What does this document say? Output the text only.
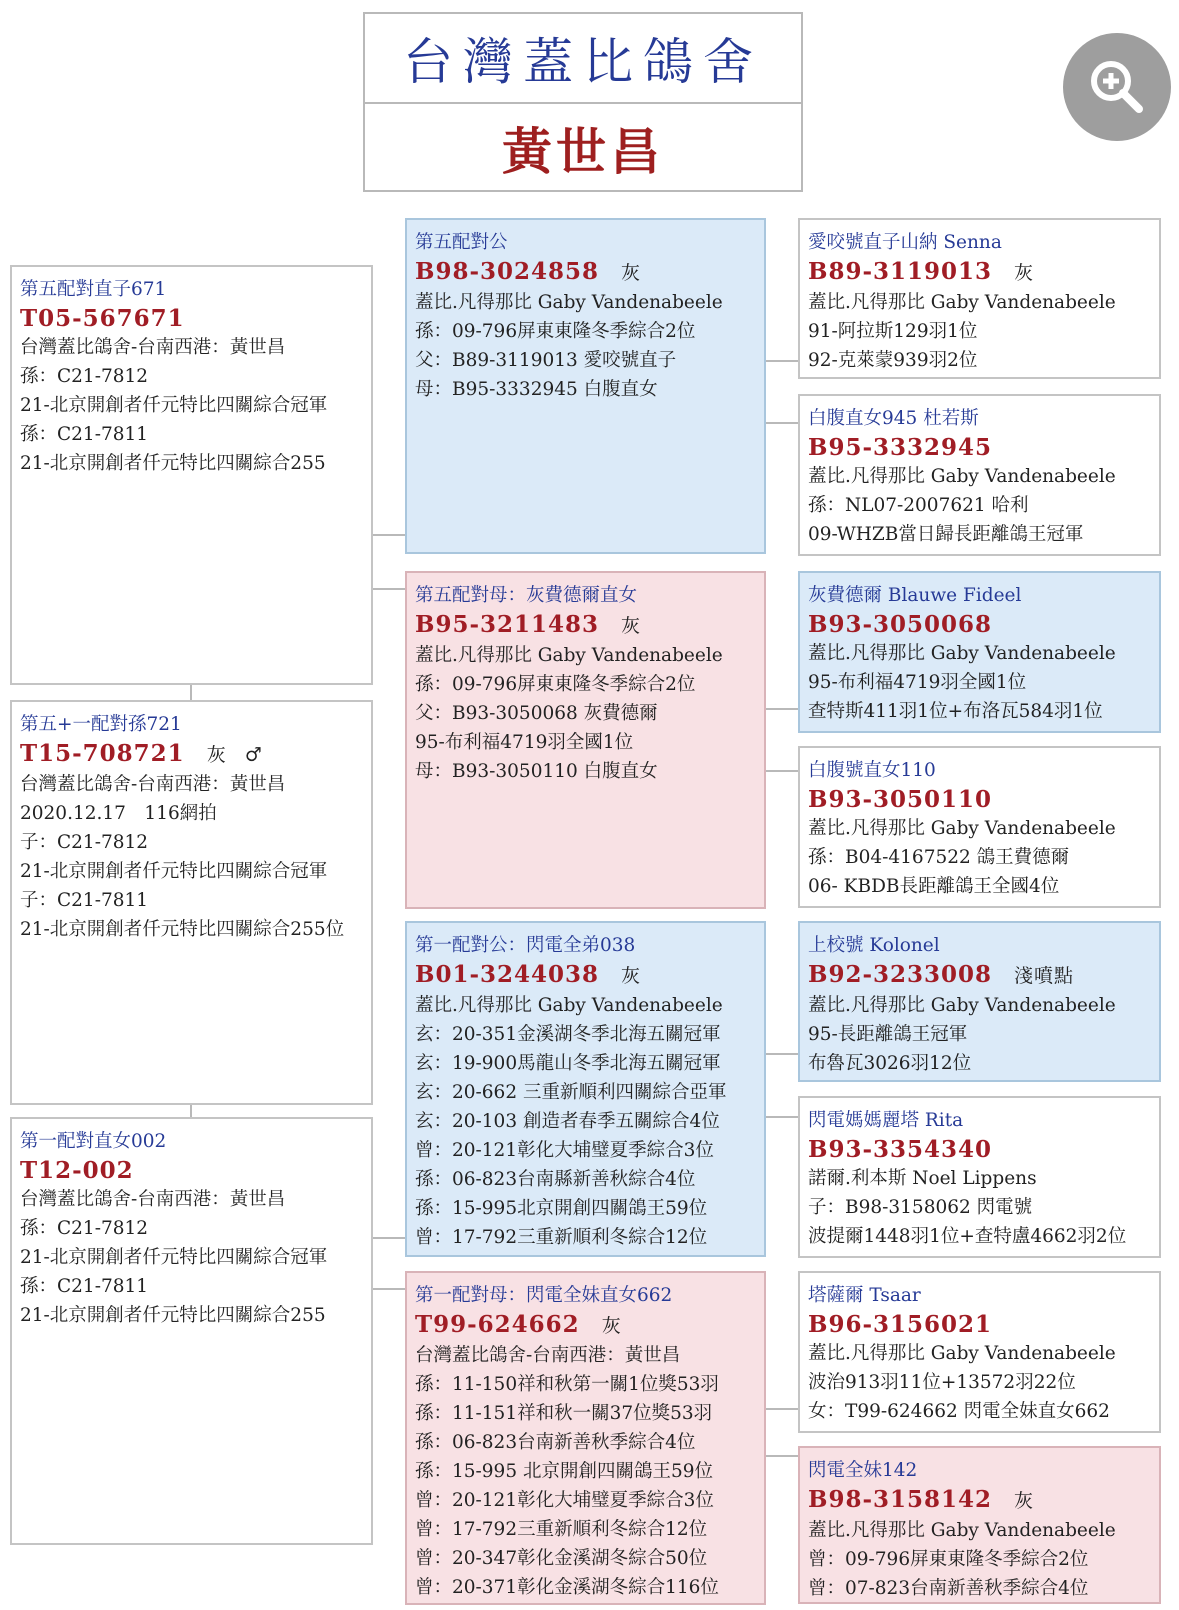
台灣蓋比鴿舍
黃世昌
第五配對直子671
T05-567671
台灣蓋比鴿舍-台南西港：黃世昌
孫：C21-7812
21-北京開創者仟元特比四關綜合冠軍
孫：C21-7811
21-北京開創者仟元特比四關綜合255
第五+一配對孫721
T15-708721 灰 ♂
台灣蓋比鴿舍-台南西港：黃世昌
2020.12.17　116網拍
子：C21-7812
21-北京開創者仟元特比四關綜合冠軍
子：C21-7811
21-北京開創者仟元特比四關綜合255位
第一配對直女002
T12-002
台灣蓋比鴿舍-台南西港：黃世昌
孫：C21-7812
21-北京開創者仟元特比四關綜合冠軍
孫：C21-7811
21-北京開創者仟元特比四關綜合255
第五配對公
B98-3024858 灰
蓋比.凡得那比 Gaby Vandenabeele
孫：09-796屏東東隆冬季綜合2位
父：B89-3119013 愛咬號直子
母：B95-3332945 白腹直女
第五配對母：灰費德爾直女
B95-3211483 灰
蓋比.凡得那比 Gaby Vandenabeele
孫：09-796屏東東隆冬季綜合2位
父：B93-3050068 灰費德爾
95-布利福4719羽全國1位
母：B93-3050110 白腹直女
第一配對公：閃電全弟038
B01-3244038 灰
蓋比.凡得那比 Gaby Vandenabeele
玄：20-351金溪湖冬季北海五關冠軍
玄：19-900馬龍山冬季北海五關冠軍
玄：20-662 三重新順利四關綜合亞軍
玄：20-103 創造者春季五關綜合4位
曾：20-121彰化大埔璧夏季綜合3位
孫：06-823台南縣新善秋綜合4位
孫：15-995北京開創四關鴿王59位
曾：17-792三重新順利冬綜合12位
第一配對母：閃電全妹直女662
T99-624662 灰
台灣蓋比鴿舍-台南西港：黃世昌
孫：11-150祥和秋第一關1位獎53羽
孫：11-151祥和秋一關37位獎53羽
孫：06-823台南新善秋季綜合4位
孫：15-995 北京開創四關鴿王59位
曾：20-121彰化大埔璧夏季綜合3位
曾：17-792三重新順利冬綜合12位
曾：20-347彰化金溪湖冬綜合50位
曾：20-371彰化金溪湖冬綜合116位
愛咬號直子山納 Senna
B89-3119013 灰
蓋比.凡得那比 Gaby Vandenabeele
91-阿拉斯129羽1位
92-克萊蒙939羽2位
白腹直女945 杜若斯
B95-3332945
蓋比.凡得那比 Gaby Vandenabeele
孫：NL07-2007621 哈利
09-WHZB當日歸長距離鴿王冠軍
灰費德爾 Blauwe Fideel
B93-3050068
蓋比.凡得那比 Gaby Vandenabeele
95-布利福4719羽全國1位
查特斯411羽1位+布洛瓦584羽1位
白腹號直女110
B93-3050110
蓋比.凡得那比 Gaby Vandenabeele
孫：B04-4167522 鴿王費德爾
06- KBDB長距離鴿王全國4位
上校號 Kolonel
B92-3233008 淺噴點
蓋比.凡得那比 Gaby Vandenabeele
95-長距離鴿王冠軍
布魯瓦3026羽12位
閃電媽媽麗塔 Rita
B93-3354340
諾爾.利本斯 Noel Lippens
子：B98-3158062 閃電號
波提爾1448羽1位+查特盧4662羽2位
塔薩爾 Tsaar
B96-3156021
蓋比.凡得那比 Gaby Vandenabeele
波治913羽11位+13572羽22位
女：T99-624662 閃電全妹直女662
閃電全妹142
B98-3158142 灰
蓋比.凡得那比 Gaby Vandenabeele
曾：09-796屏東東隆冬季綜合2位
曾：07-823台南新善秋季綜合4位
